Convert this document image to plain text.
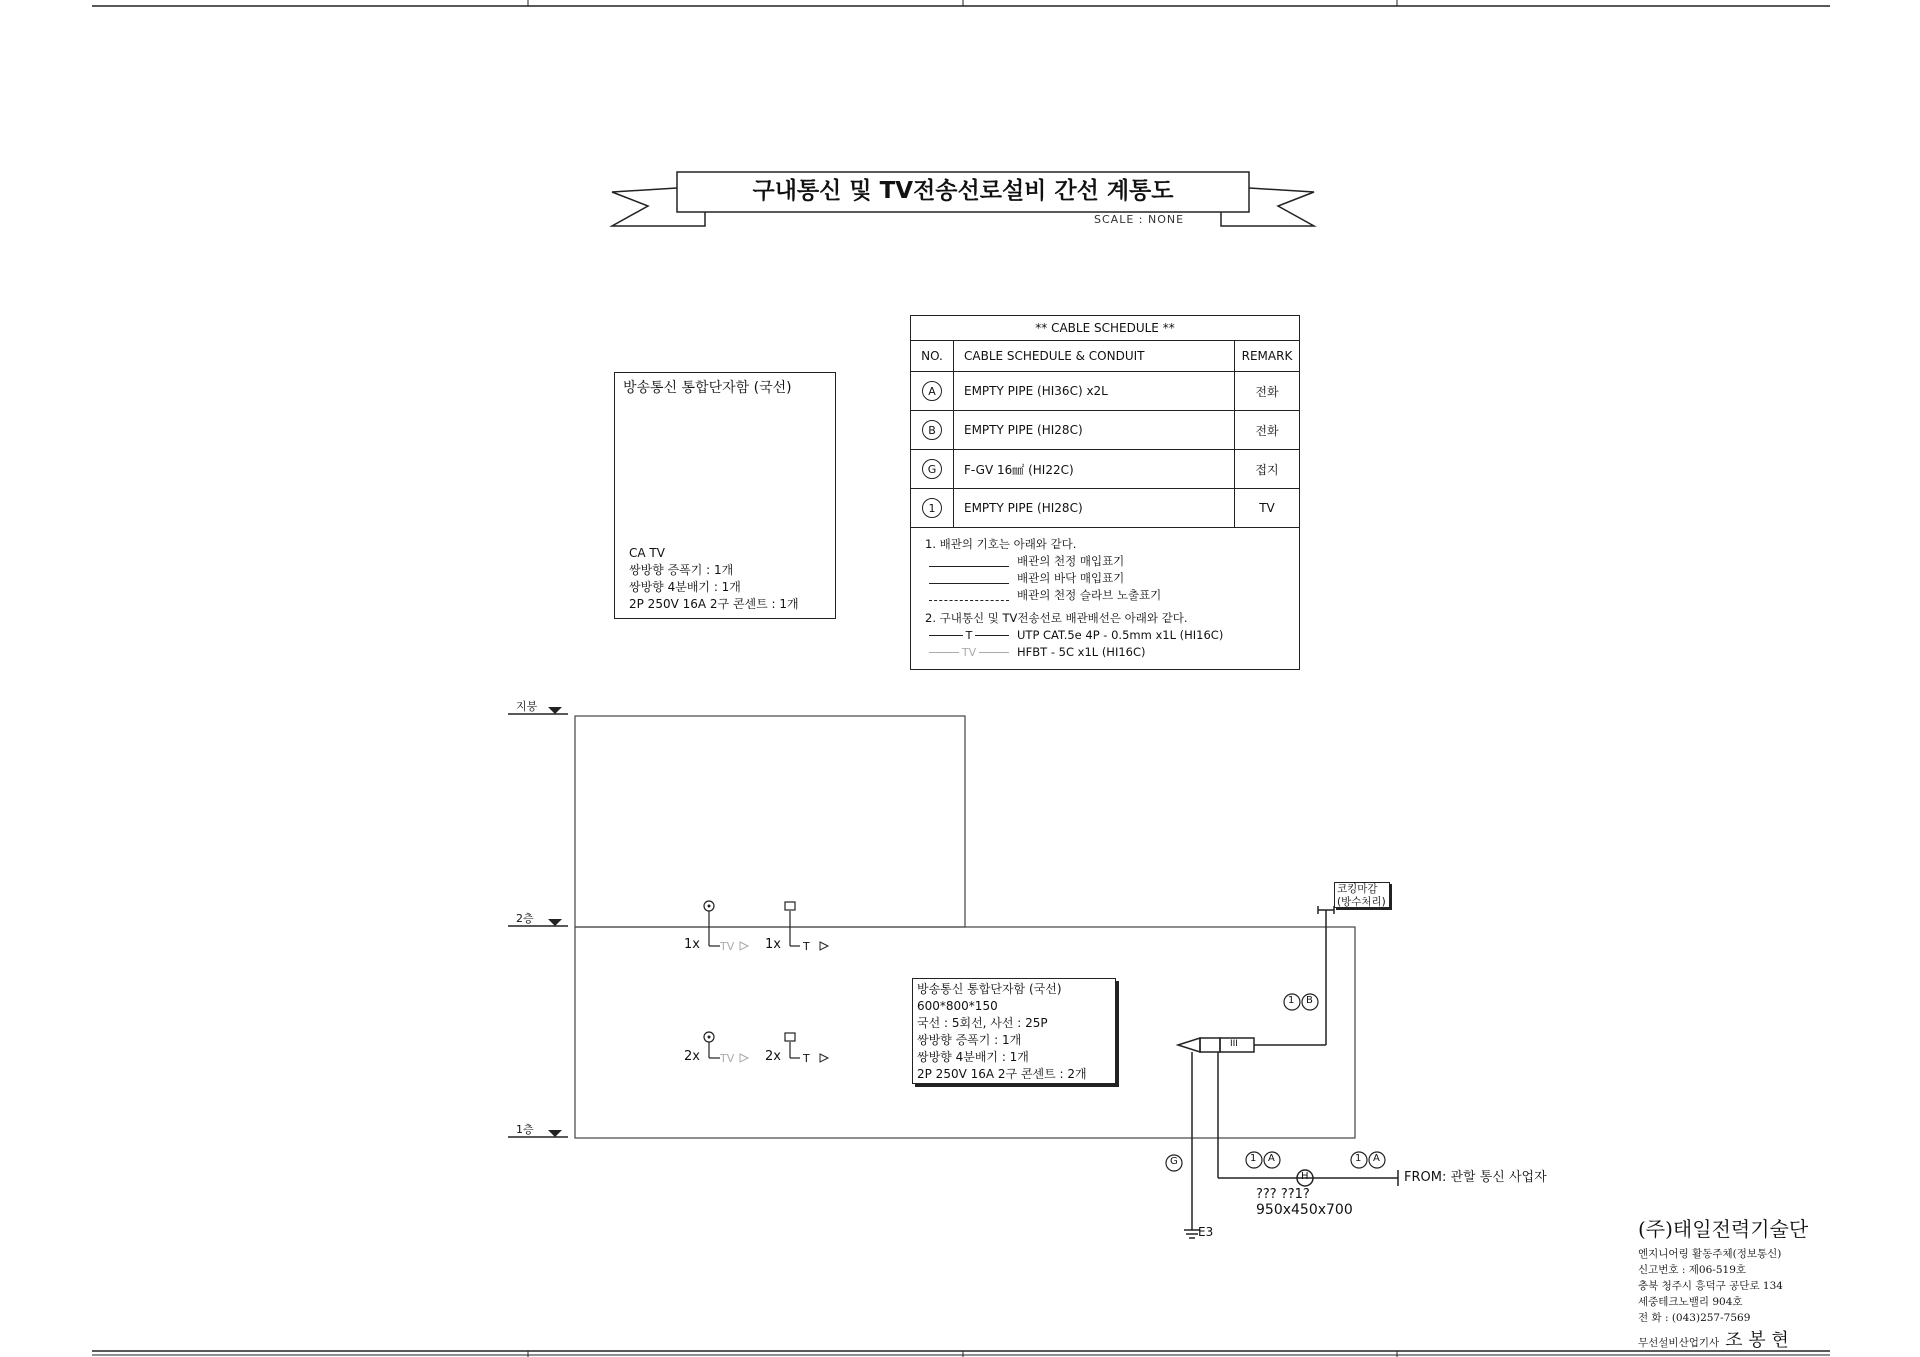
구내통신 및 TV전송선로설비 간선 계통도
SCALE : NONE
방송통신 통합단자함 (국선)
CA TV
쌍방향 증폭기 : 1개
쌍방향 4분배기 : 1개
2P 250V 16A 2구 콘센트 : 1개
** CABLE SCHEDULE **
NO.	CABLE SCHEDULE & CONDUIT	REMARK
A	EMPTY PIPE (HI36C) x2L	전화
B	EMPTY PIPE (HI28C)	전화
G	F-GV 16㎟ (HI22C)	접지
1	EMPTY PIPE (HI28C)	TV
1. 배관의 기호는 아래와 같다.
배관의 천정 매입표기
배관의 바닥 매입표기
배관의 천정 슬라브 노출표기
2. 구내통신 및 TV전송선로 배관배선은 아래와 같다.
T	UTP CAT.5e 4P - 0.5mm x1L (HI16C)
TV	HFBT - 5C x1L (HI16C)
지붕
2층
1층
1x TV 1x T
2x TV 2x T
방송통신 통합단자함 (국선)
600*800*150
국선 : 5회선, 사선 : 25P
쌍방향 증폭기 : 1개
쌍방향 4분배기 : 1개
2P 250V 16A 2구 콘센트 : 2개
코킹마감
(방수처리)
1 B
1 A	1 A
G
H
III
E3
FROM: 관할 통신 사업자
??? ??1?
950x450x700
(주)태일전력기술단
엔지니어링 활동주체(정보통신)
신고번호 : 제06-519호
충북 청주시 흥덕구 공단로 134
세중테크노밸리 904호
전 화 : (043)257-7569
무선설비산업기사 조 봉 현
